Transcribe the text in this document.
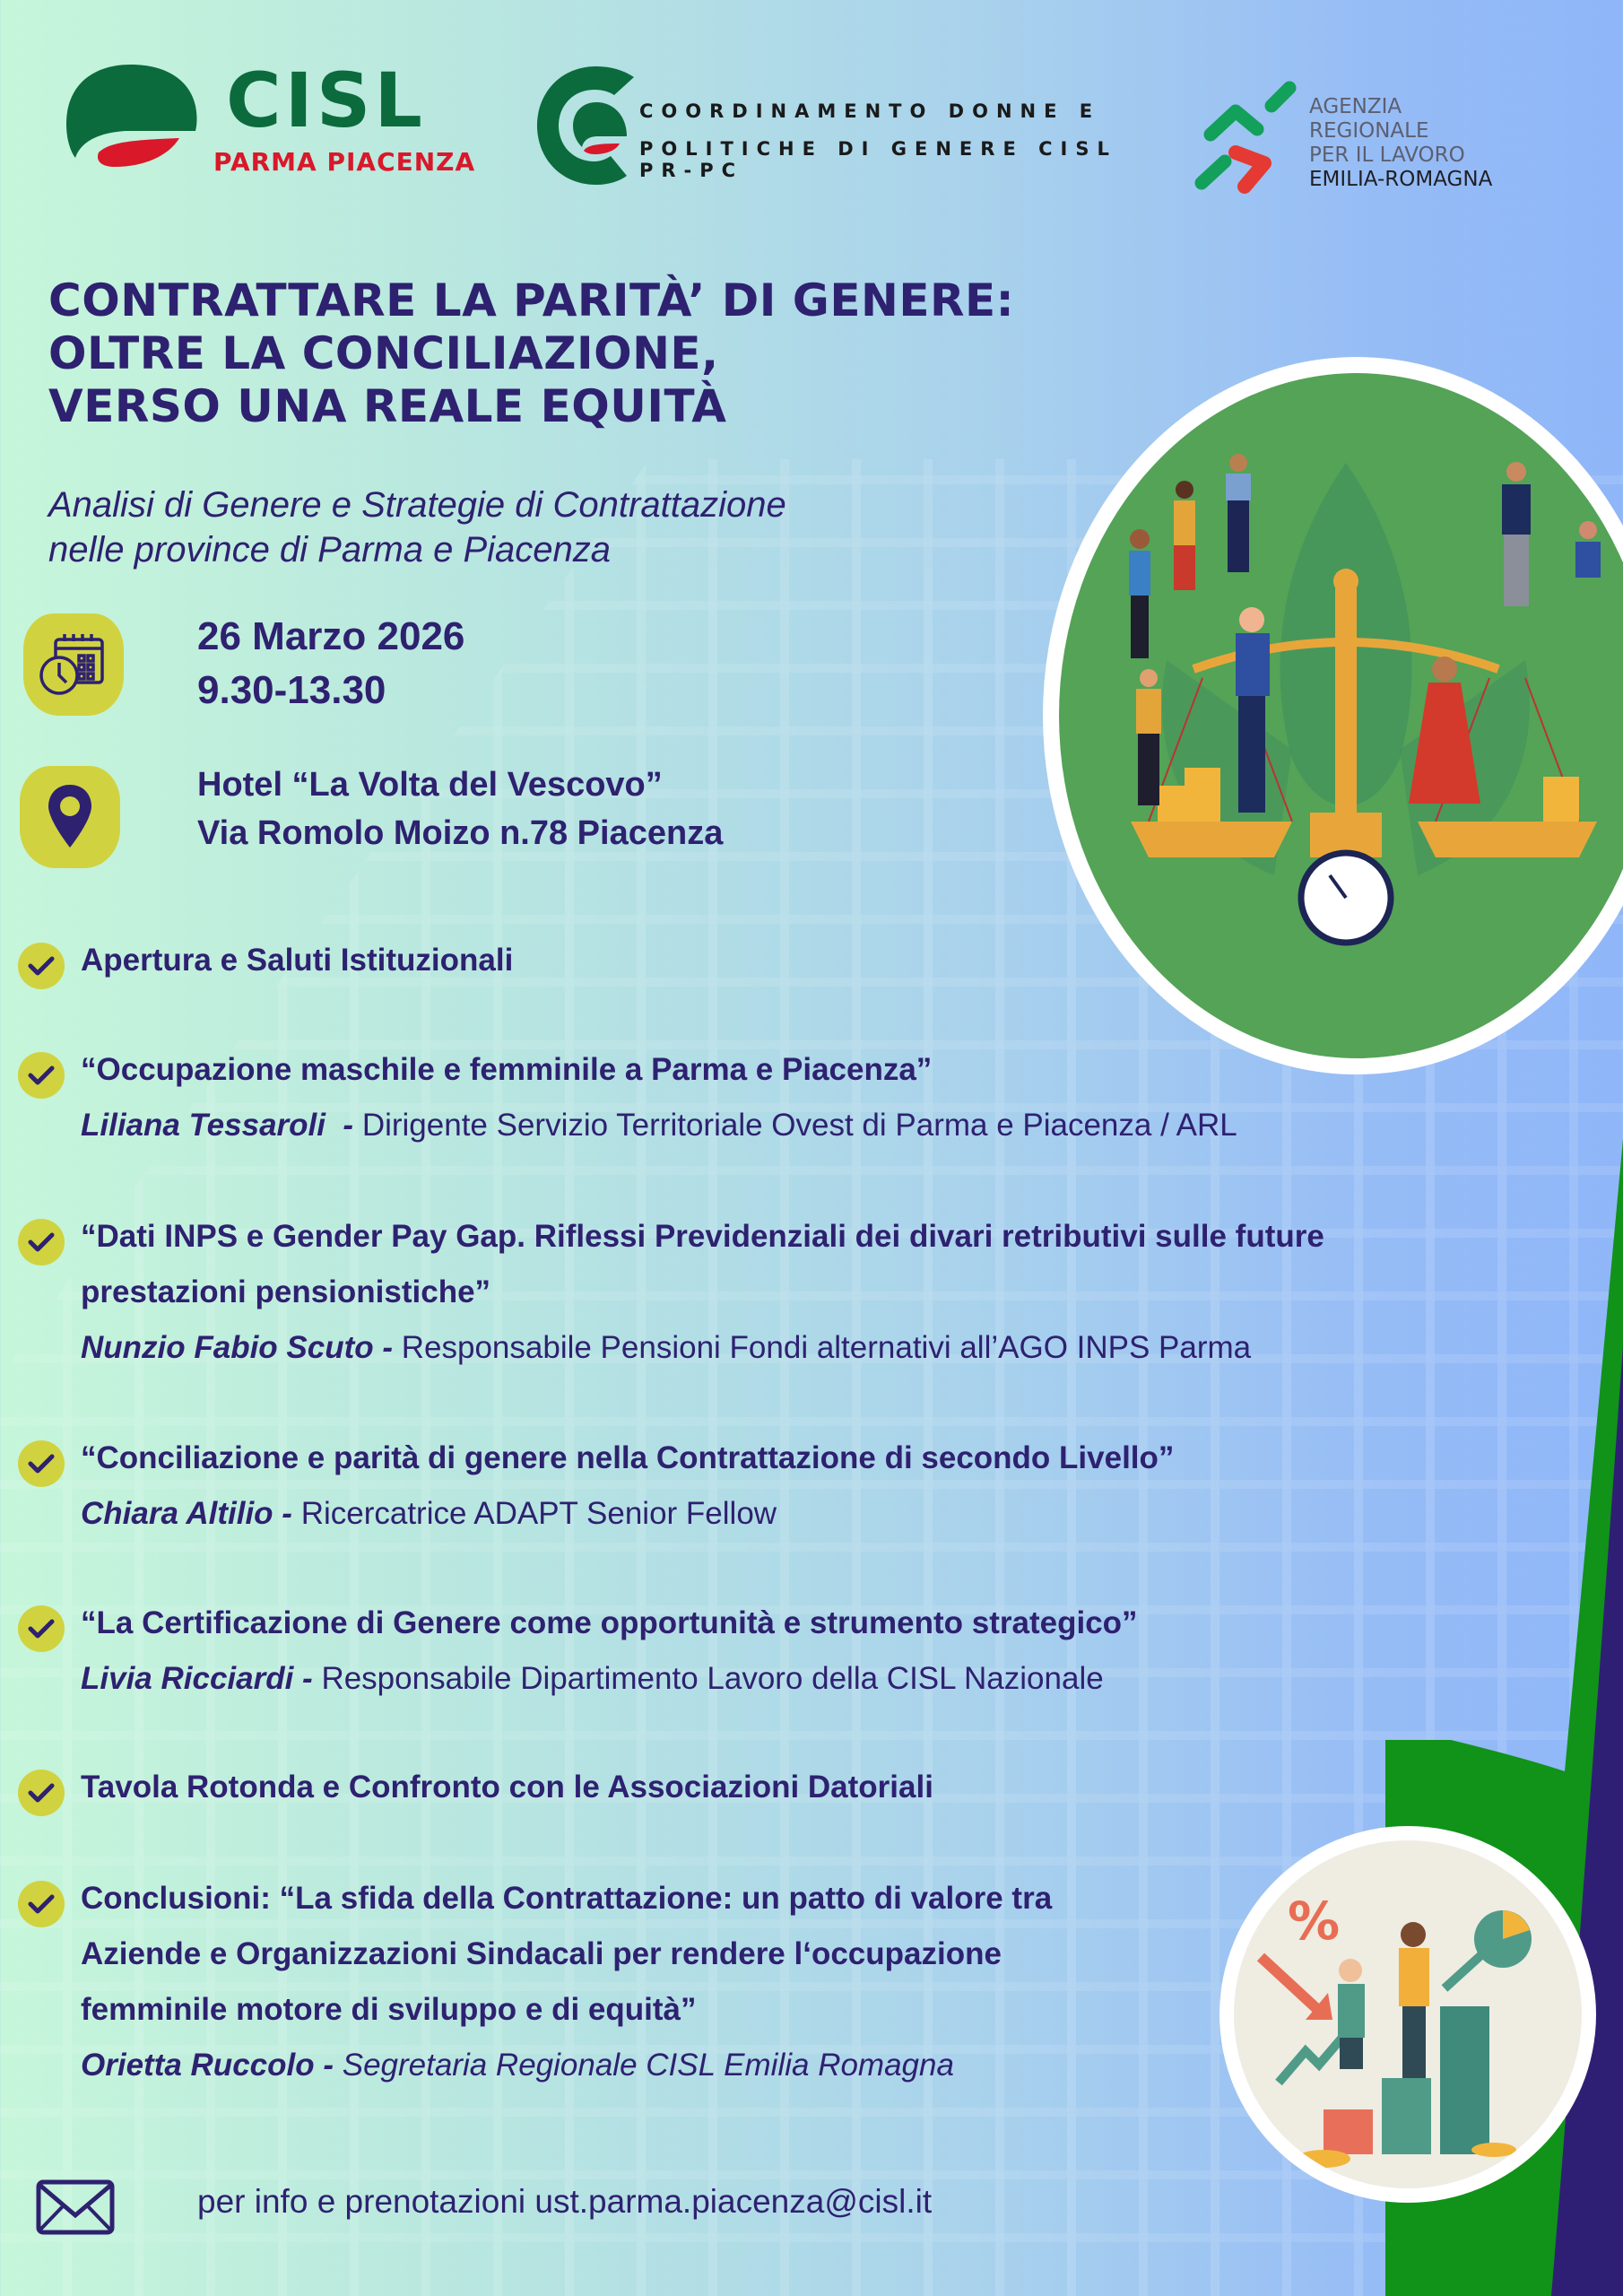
CISL
PARMA PIACENZA
COORDINAMENTO DONNE E
POLITICHE DI GENERE CISL PR-PC
AGENZIA
REGIONALE
PER IL LAVORO
EMILIA-ROMAGNA
CONTRATTARE LA PARITÀ’ DI GENERE:
OLTRE LA CONCILIAZIONE,
VERSO UNA REALE EQUITÀ
Analisi di Genere e Strategie di Contrattazione
nelle province di Parma e Piacenza
26 Marzo 2026
9.30-13.30
Hotel “La Volta del Vescovo”
Via Romolo Moizo n.78 Piacenza
Apertura e Saluti Istituzionali
“Occupazione maschile e femminile a Parma e Piacenza”
Liliana Tessaroli  - Dirigente Servizio Territoriale Ovest di Parma e Piacenza / ARL
“Dati INPS e Gender Pay Gap. Riflessi Previdenziali dei divari retributivi sulle future
prestazioni pensionistiche”
Nunzio Fabio Scuto - Responsabile Pensioni Fondi alternativi all’AGO INPS Parma
“Conciliazione e parità di genere nella Contrattazione di secondo Livello”
Chiara Altilio - Ricercatrice ADAPT Senior Fellow
“La Certificazione di Genere come opportunità e strumento strategico”
Livia Ricciardi - Responsabile Dipartimento Lavoro della CISL Nazionale
Tavola Rotonda e Confronto con le Associazioni Datoriali
Conclusioni: “La sfida della Contrattazione: un patto di valore tra
Aziende e Organizzazioni Sindacali per rendere l‘occupazione
femminile motore di sviluppo e di equità”
Orietta Ruccolo - Segretaria Regionale CISL Emilia Romagna
%
per info e prenotazioni ust.parma.piacenza@cisl.it
